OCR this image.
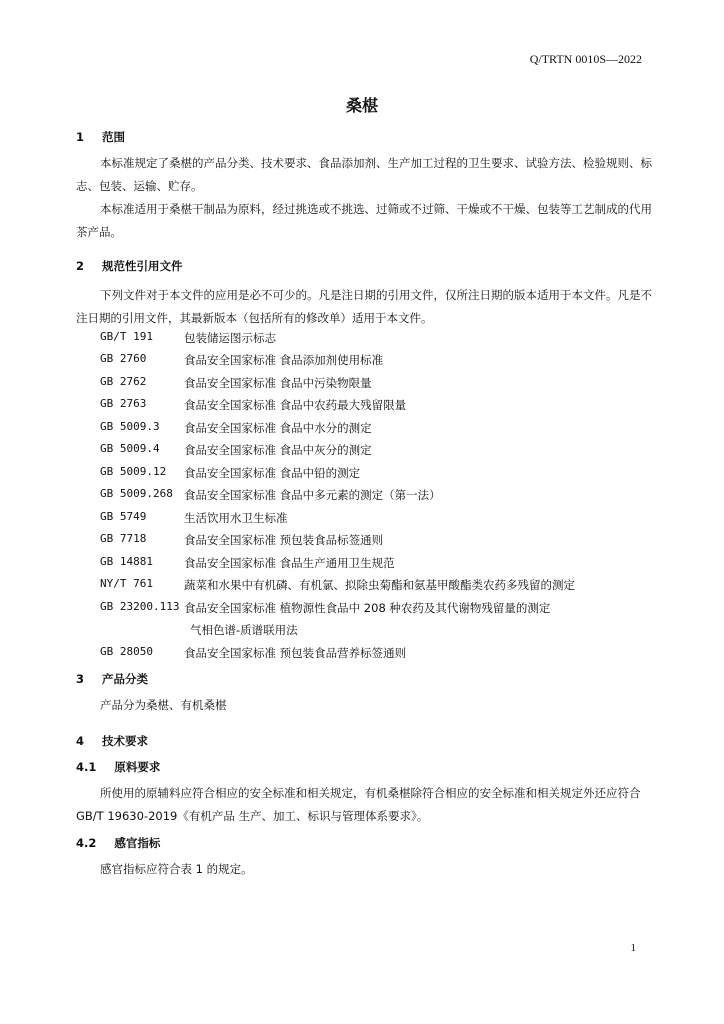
Q/TRTN 0010S—2022
桑椹
1 范围

本标准规定了桑椹的产品分类、技术要求、食品添加剂、生产加工过程的卫生要求、试验方法、检验规则、标志、包装、运输、贮存。

本标准适用于桑椹干制品为原料，经过挑选或不挑选、过筛或不过筛、干燥或不干燥、包装等工艺制成的代用茶产品。

2 规范性引用文件

下列文件对于本文件的应用是必不可少的。凡是注日期的引用文件，仅所注日期的版本适用于本文件。凡是不注日期的引用文件，其最新版本（包括所有的修改单）适用于本文件。

GB/T 191	包装储运图示标志
GB 2760	食品安全国家标准 食品添加剂使用标准
GB 2762	食品安全国家标准 食品中污染物限量
GB 2763	食品安全国家标准 食品中农药最大残留限量
GB 5009.3 食品安全国家标准 食品中水分的测定
GB 5009.4 食品安全国家标准 食品中灰分的测定
GB 5009.12 食品安全国家标准 食品中铅的测定
GB 5009.268 食品安全国家标准 食品中多元素的测定（第一法）
GB 5749	生活饮用水卫生标准
GB 7718	食品安全国家标准 预包装食品标签通则
GB 14881	食品安全国家标准 食品生产通用卫生规范
NY/T 761	蔬菜和水果中有机磷、有机氯、拟除虫菊酯和氨基甲酸酯类农药多残留的测定
GB 23200.113 食品安全国家标准 植物源性食品中 208 种农药及其代谢物残留量的测定
气相色谱-质谱联用法
GB 28050	食品安全国家标准 预包装食品营养标签通则
3 产品分类
产品分为桑椹、有机桑椹
4 技术要求
4.1 原料要求

所使用的原辅料应符合相应的安全标准和相关规定，有机桑椹除符合相应的安全标准和相关规定外还应符合GB/T 19630-2019《有机产品 生产、加工、标识与管理体系要求》。

4.2 感官指标
感官指标应符合表 1 的规定。
1
